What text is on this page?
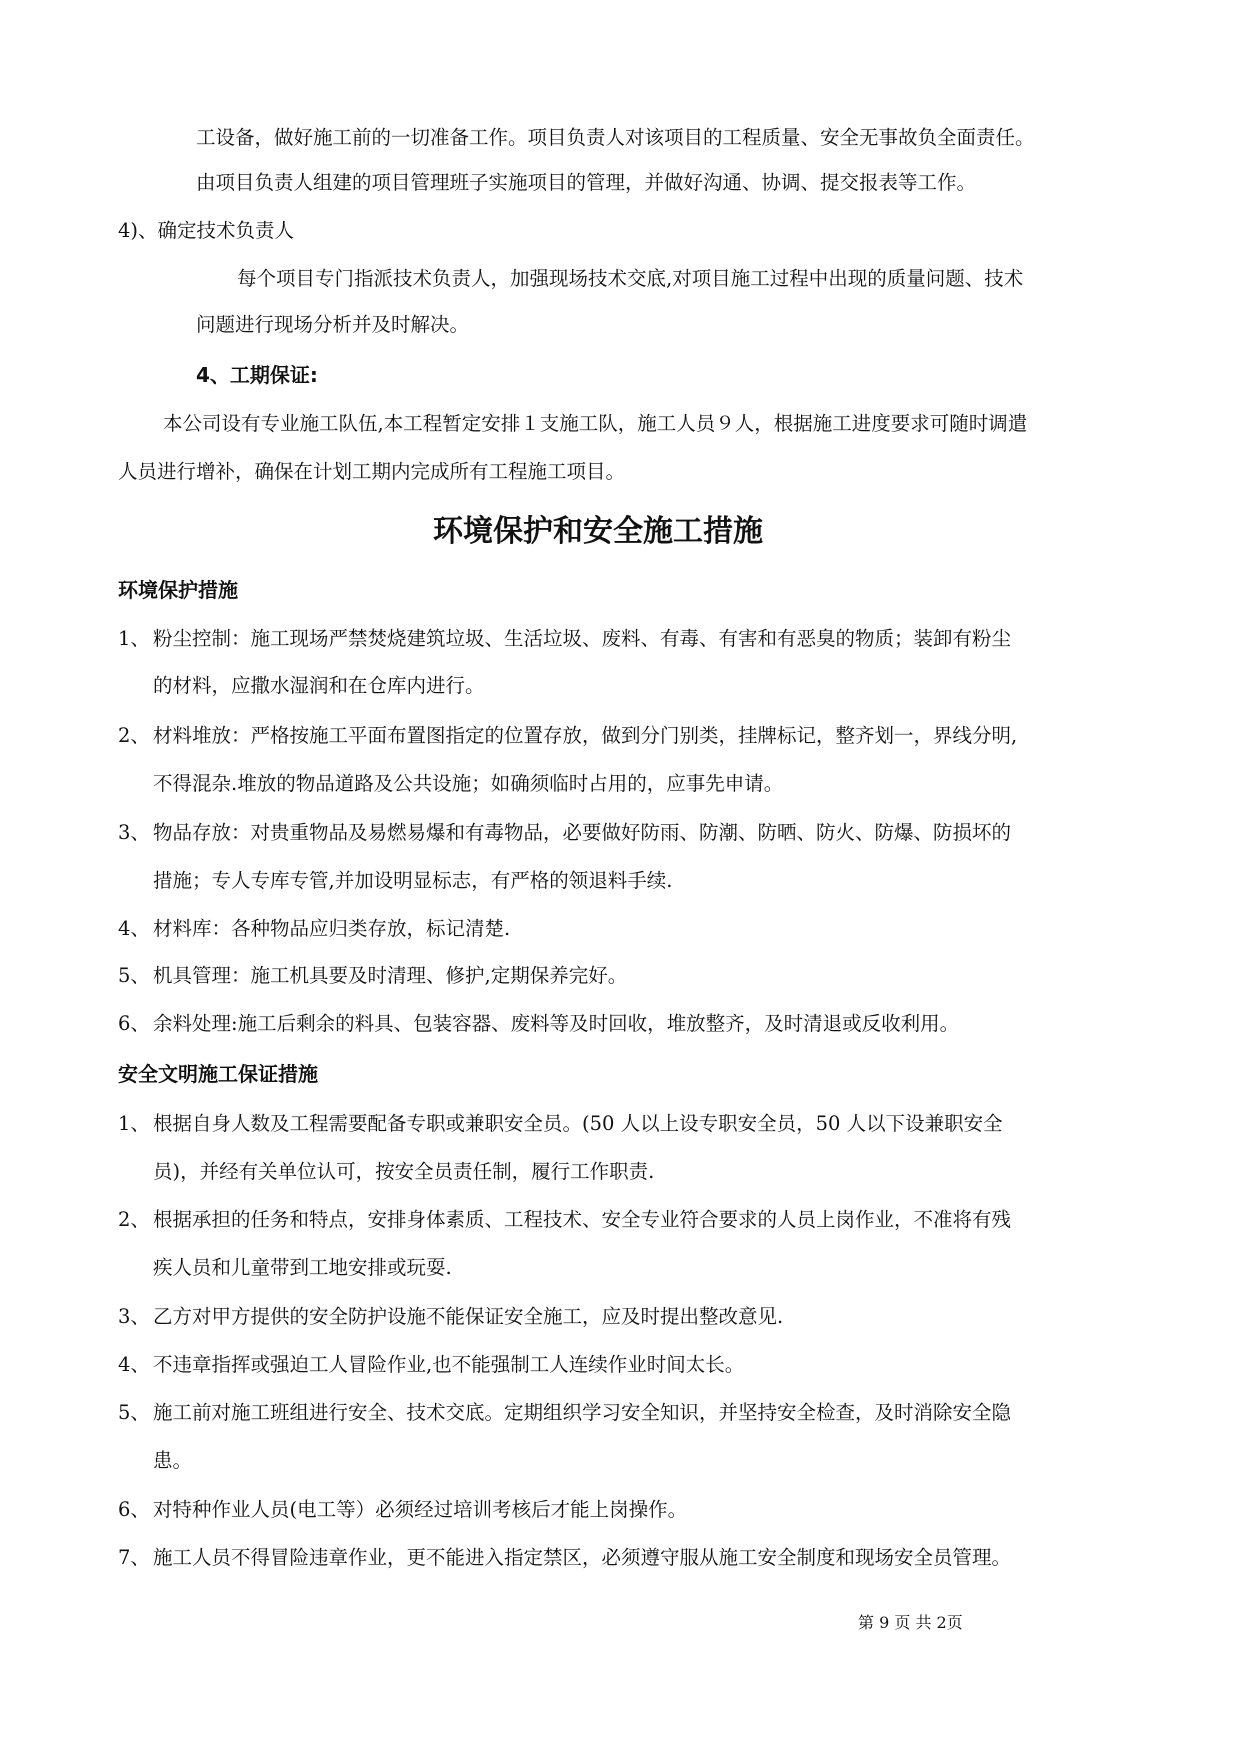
工设备，做好施工前的一切准备工作。项目负责人对该项目的工程质量、安全无事故负全面责任。
由项目负责人组建的项目管理班子实施项目的管理，并做好沟通、协调、提交报表等工作。
4)、确定技术负责人
每个项目专门指派技术负责人，加强现场技术交底,对项目施工过程中出现的质量问题、技术
问题进行现场分析并及时解决。
4、工期保证:
本公司设有专业施工队伍,本工程暂定安排１支施工队，施工人员９人，根据施工进度要求可随时调遣
人员进行增补，确保在计划工期内完成所有工程施工项目。
环境保护和安全施工措施
环境保护措施
1、 粉尘控制：施工现场严禁焚烧建筑垃圾、生活垃圾、废料、有毒、有害和有恶臭的物质；装卸有粉尘
的材料，应撒水湿润和在仓库内进行。
2、 材料堆放：严格按施工平面布置图指定的位置存放，做到分门别类，挂牌标记，整齐划一，界线分明,
不得混杂.堆放的物品道路及公共设施；如确须临时占用的，应事先申请。
3、 物品存放：对贵重物品及易燃易爆和有毒物品，必要做好防雨、防潮、防晒、防火、防爆、防损坏的
措施；专人专库专管,并加设明显标志，有严格的领退料手续.
4、 材料库：各种物品应归类存放，标记清楚.
5、 机具管理：施工机具要及时清理、修护,定期保养完好。
6、 余料处理:施工后剩余的料具、包装容器、废料等及时回收，堆放整齐，及时清退或反收利用。
安全文明施工保证措施
1、 根据自身人数及工程需要配备专职或兼职安全员。(50 人以上设专职安全员，50 人以下设兼职安全
员)，并经有关单位认可，按安全员责任制，履行工作职责.
2、 根据承担的任务和特点，安排身体素质、工程技术、安全专业符合要求的人员上岗作业，不准将有残
疾人员和儿童带到工地安排或玩耍.
3、 乙方对甲方提供的安全防护设施不能保证安全施工，应及时提出整改意见.
4、 不违章指挥或强迫工人冒险作业,也不能强制工人连续作业时间太长。
5、 施工前对施工班组进行安全、技术交底。定期组织学习安全知识，并坚持安全检查，及时消除安全隐
患。
6、 对特种作业人员(电工等）必须经过培训考核后才能上岗操作。
7、 施工人员不得冒险违章作业，更不能进入指定禁区，必须遵守服从施工安全制度和现场安全员管理。
第 9 页 共 2页
